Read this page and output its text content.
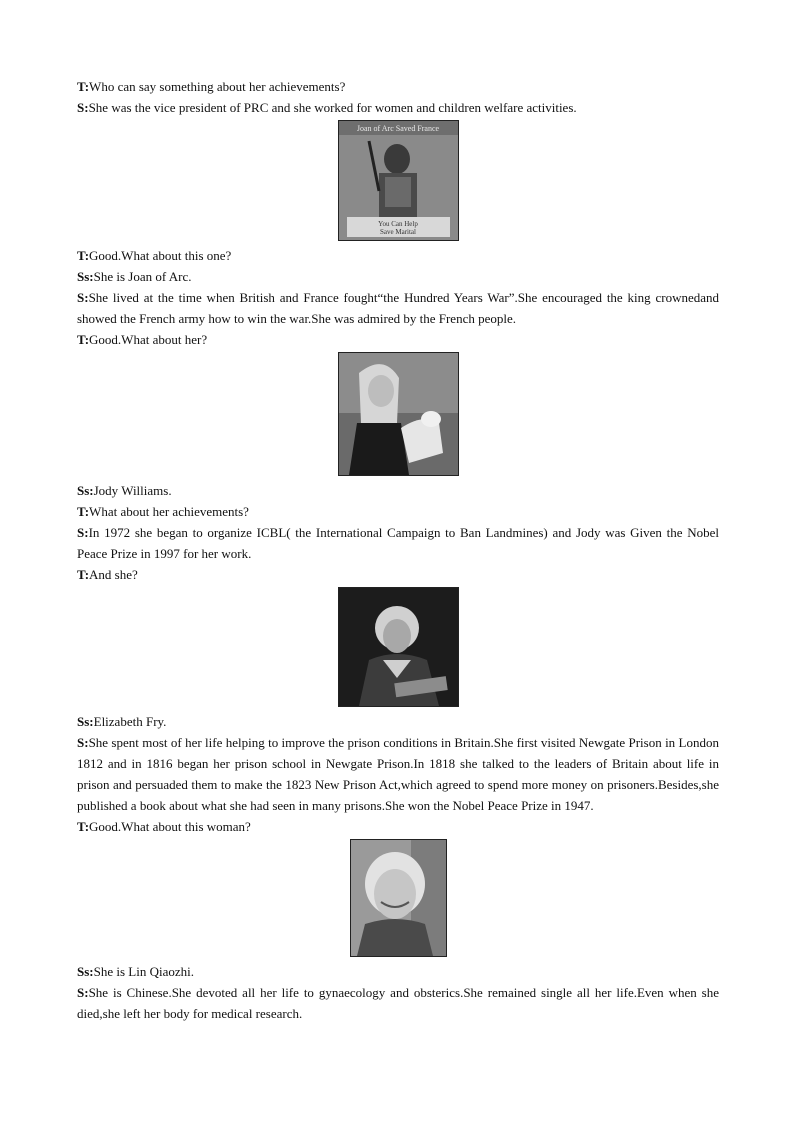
T:Who can say something about her achievements?

S:She was the vice president of PRC and she worked for women and children welfare activities.

Joan of Arc Saved France
You Can Help
Save Marital

T:Good.What about this one?

Ss:She is Joan of Arc.

S:She lived at the time when British and France fought“the Hundred Years War”.She encouraged the king crownedand showed the French army how to win the war.She was admired by the French people.

T:Good.What about her?

Ss:Jody Williams.

T:What about her achievements?

S:In 1972 she began to organize ICBL( the International Campaign to Ban Landmines) and Jody was Given the Nobel Peace Prize in 1997 for her work.

T:And she?

Ss:Elizabeth Fry.

S:She spent most of her life helping to improve the prison conditions in Britain.She first visited Newgate Prison in London 1812 and in 1816 began her prison school in Newgate Prison.In 1818 she talked to the leaders of Britain about life in prison and persuaded them to make the 1823 New Prison Act,which agreed to spend more money on prisoners.Besides,she published a book about what she had seen in many prisons.She won the Nobel Peace Prize in 1947.

T:Good.What about this woman?

Ss:She is Lin Qiaozhi.

S:She is Chinese.She devoted all her life to gynaecology and obsterics.She remained single all her life.Even when she died,she left her body for medical research.
